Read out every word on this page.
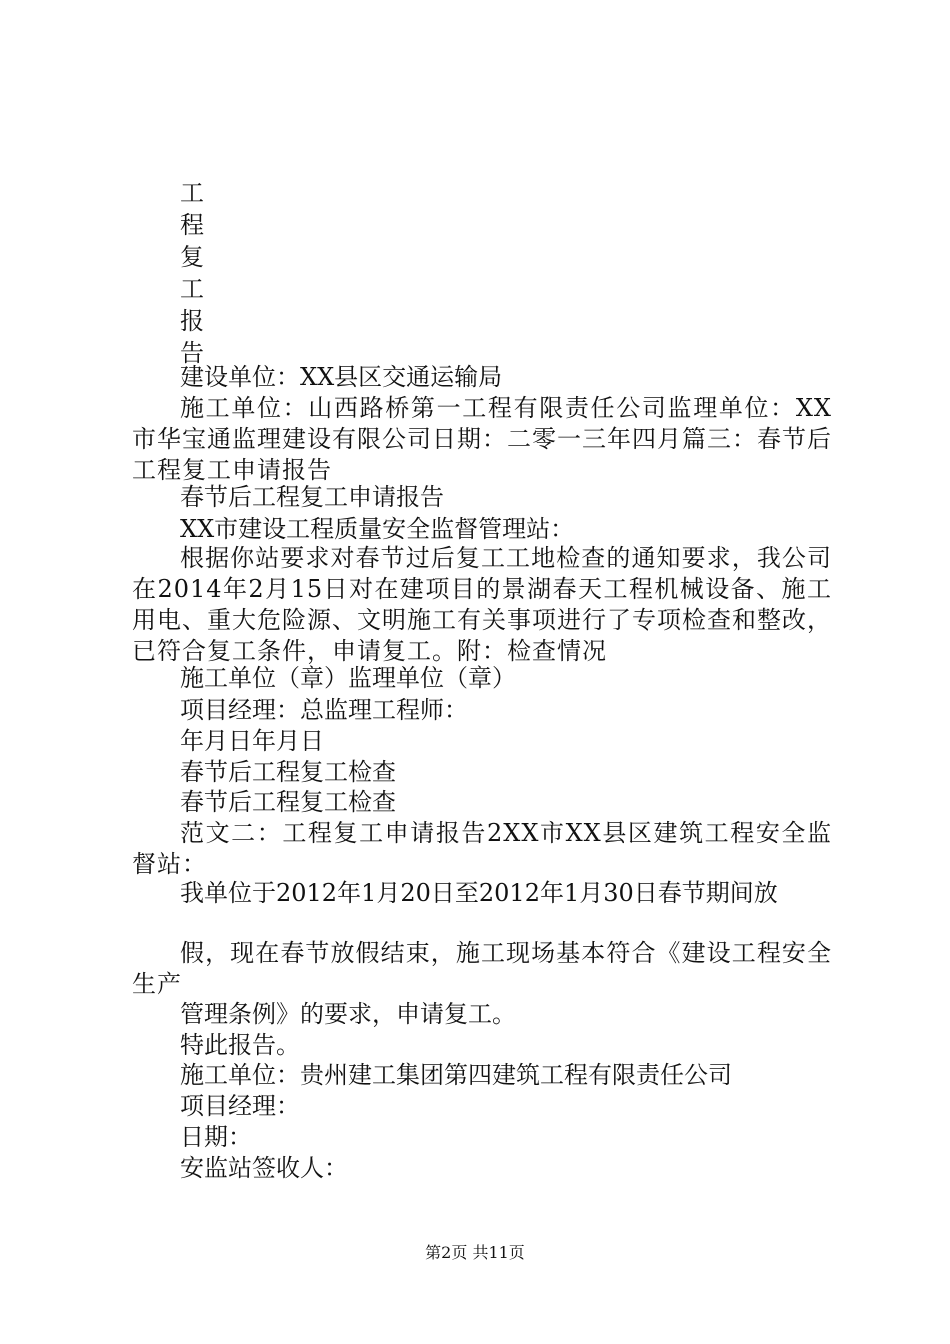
工
程
复
工
报
告
建设单位：XX县区交通运输局
施工单位：山西路桥第一工程有限责任公司监理单位：XX市华宝通监理建设有限公司日期：二零一三年四月篇三：春节后工程复工申请报告
春节后工程复工申请报告
XX市建设工程质量安全监督管理站：
根据你站要求对春节过后复工工地检查的通知要求，我公司在2014年2月15日对在建项目的景湖春天工程机械设备、施工用电、重大危险源、文明施工有关事项进行了专项检查和整改，已符合复工条件，申请复工。附：检查情况
施工单位（章）监理单位（章）
项目经理：总监理工程师：
年月日年月日
春节后工程复工检查
春节后工程复工检查
范文二：工程复工申请报告2XX市XX县区建筑工程安全监督站：
我单位于2012年1月20日至2012年1月30日春节期间放
假，现在春节放假结束，施工现场基本符合《建设工程安全生产
管理条例》的要求，申请复工。
特此报告。
施工单位：贵州建工集团第四建筑工程有限责任公司
项目经理：
日期：
安监站签收人：
第2页 共11页
